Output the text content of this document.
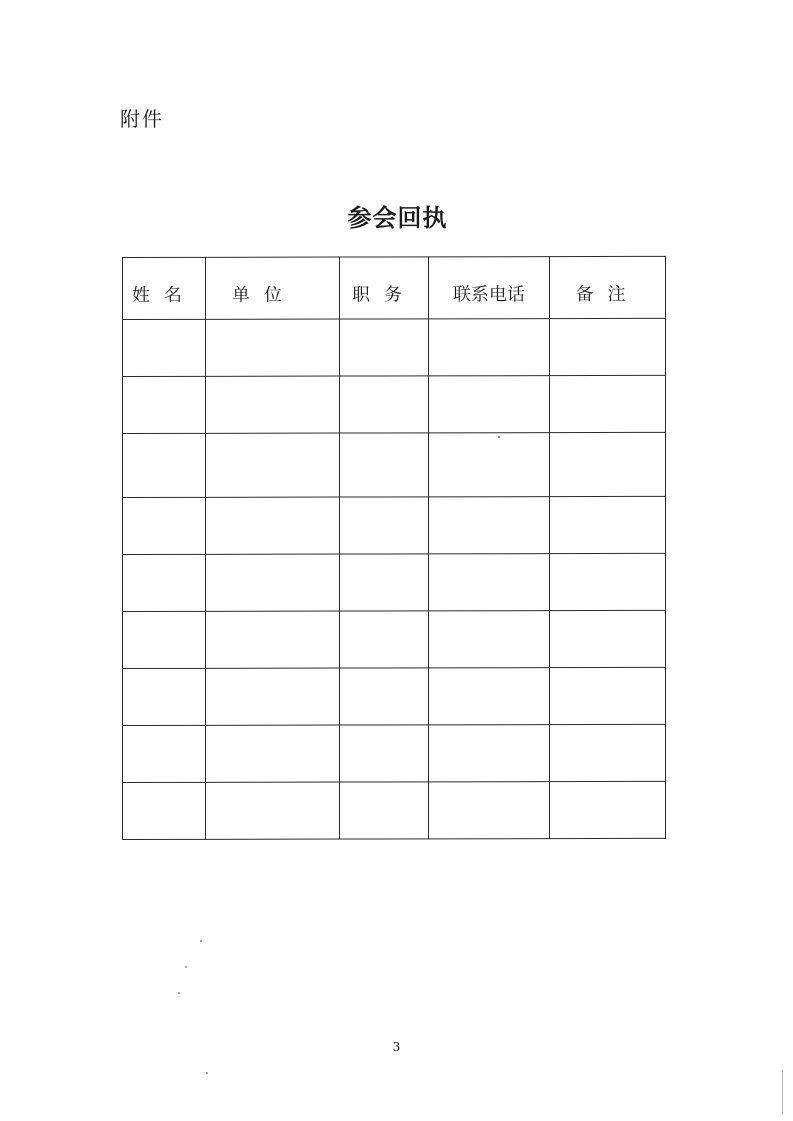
附件
参会回执
姓名	单位	职务	联系电话	备注

3
